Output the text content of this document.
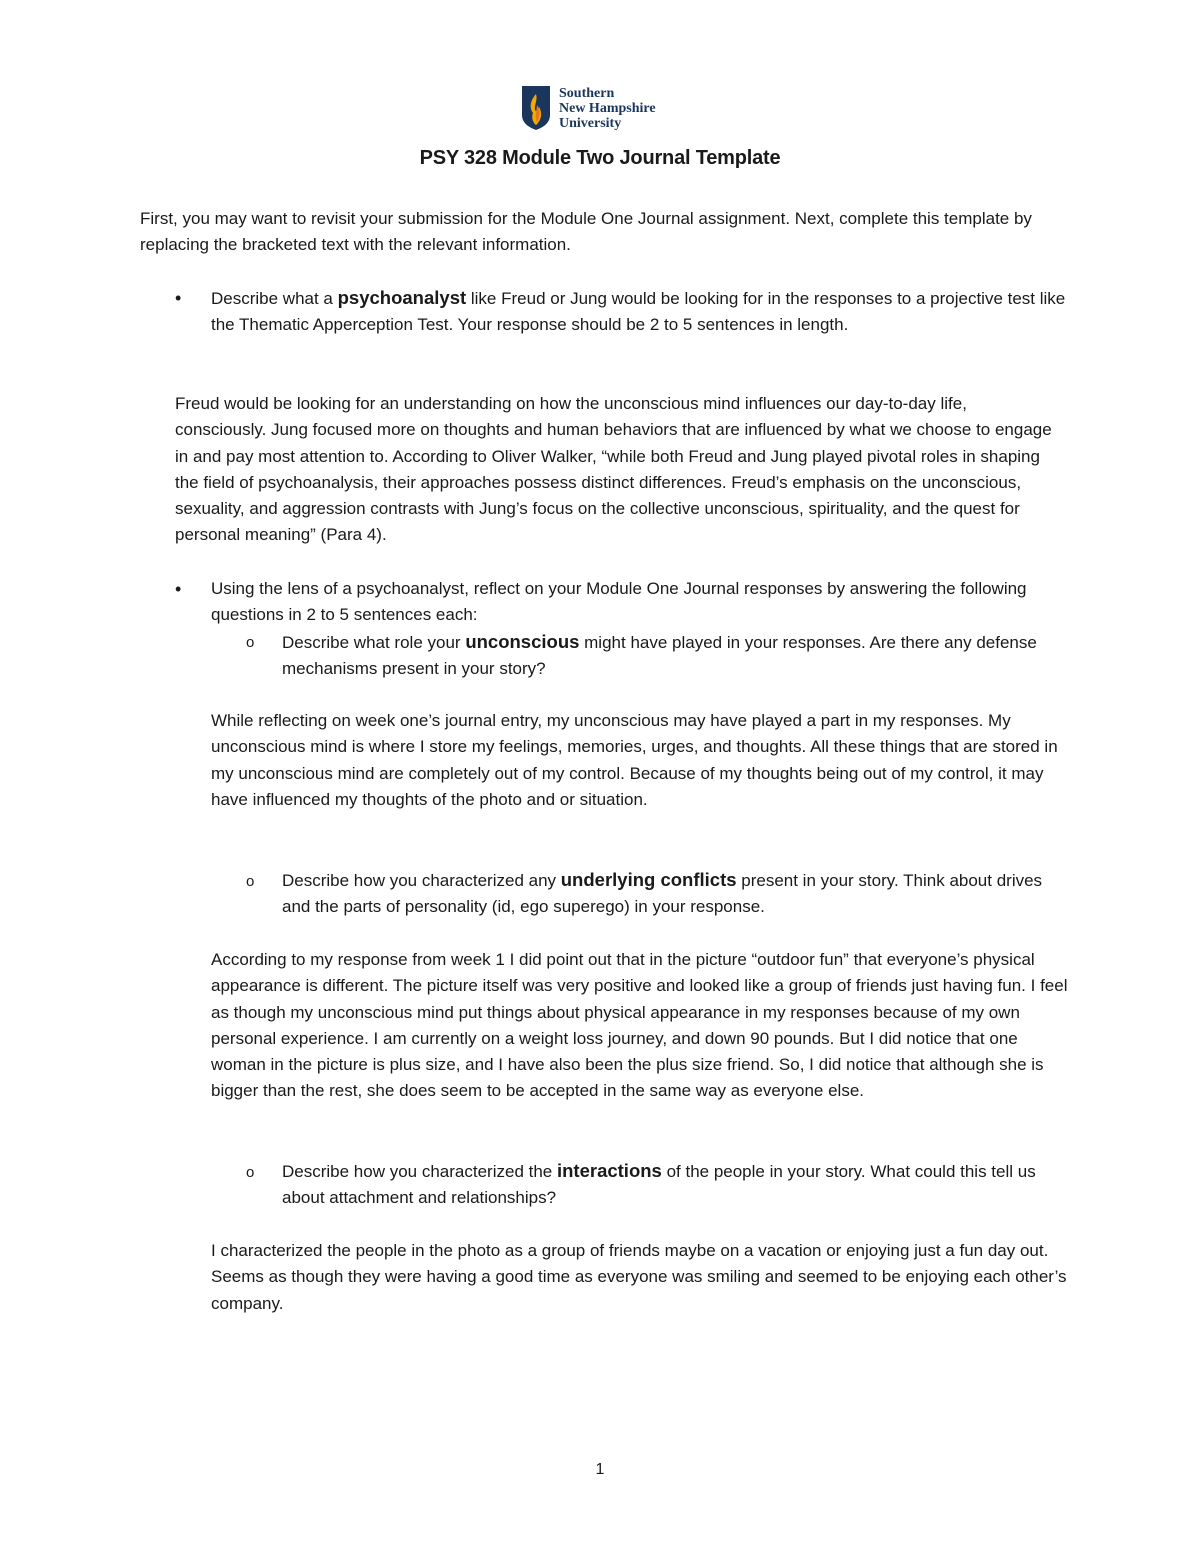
Southern
New Hampshire
University
PSY 328 Module Two Journal Template
First, you may want to revisit your submission for the Module One Journal assignment. Next, complete this template by replacing the bracketed text with the relevant information.
• Describe what a psychoanalyst like Freud or Jung would be looking for in the responses to a projective test like the Thematic Apperception Test. Your response should be 2 to 5 sentences in length.
Freud would be looking for an understanding on how the unconscious mind influences our day-to-day life, consciously. Jung focused more on thoughts and human behaviors that are influenced by what we choose to engage in and pay most attention to. According to Oliver Walker, “while both Freud and Jung played pivotal roles in shaping the field of psychoanalysis, their approaches possess distinct differences. Freud’s emphasis on the unconscious, sexuality, and aggression contrasts with Jung’s focus on the collective unconscious, spirituality, and the quest for personal meaning” (Para 4).
• Using the lens of a psychoanalyst, reflect on your Module One Journal responses by answering the following questions in 2 to 5 sentences each:
o Describe what role your unconscious might have played in your responses. Are there any defense mechanisms present in your story?
While reflecting on week one’s journal entry, my unconscious may have played a part in my responses. My unconscious mind is where I store my feelings, memories, urges, and thoughts. All these things that are stored in my unconscious mind are completely out of my control. Because of my thoughts being out of my control, it may have influenced my thoughts of the photo and or situation.
o Describe how you characterized any underlying conflicts present in your story. Think about drives and the parts of personality (id, ego superego) in your response.
According to my response from week 1 I did point out that in the picture “outdoor fun” that everyone’s physical appearance is different. The picture itself was very positive and looked like a group of friends just having fun. I feel as though my unconscious mind put things about physical appearance in my responses because of my own personal experience. I am currently on a weight loss journey, and down 90 pounds. But I did notice that one woman in the picture is plus size, and I have also been the plus size friend. So, I did notice that although she is bigger than the rest, she does seem to be accepted in the same way as everyone else.
o Describe how you characterized the interactions of the people in your story. What could this tell us about attachment and relationships?
I characterized the people in the photo as a group of friends maybe on a vacation or enjoying just a fun day out. Seems as though they were having a good time as everyone was smiling and seemed to be enjoying each other’s company.
1
